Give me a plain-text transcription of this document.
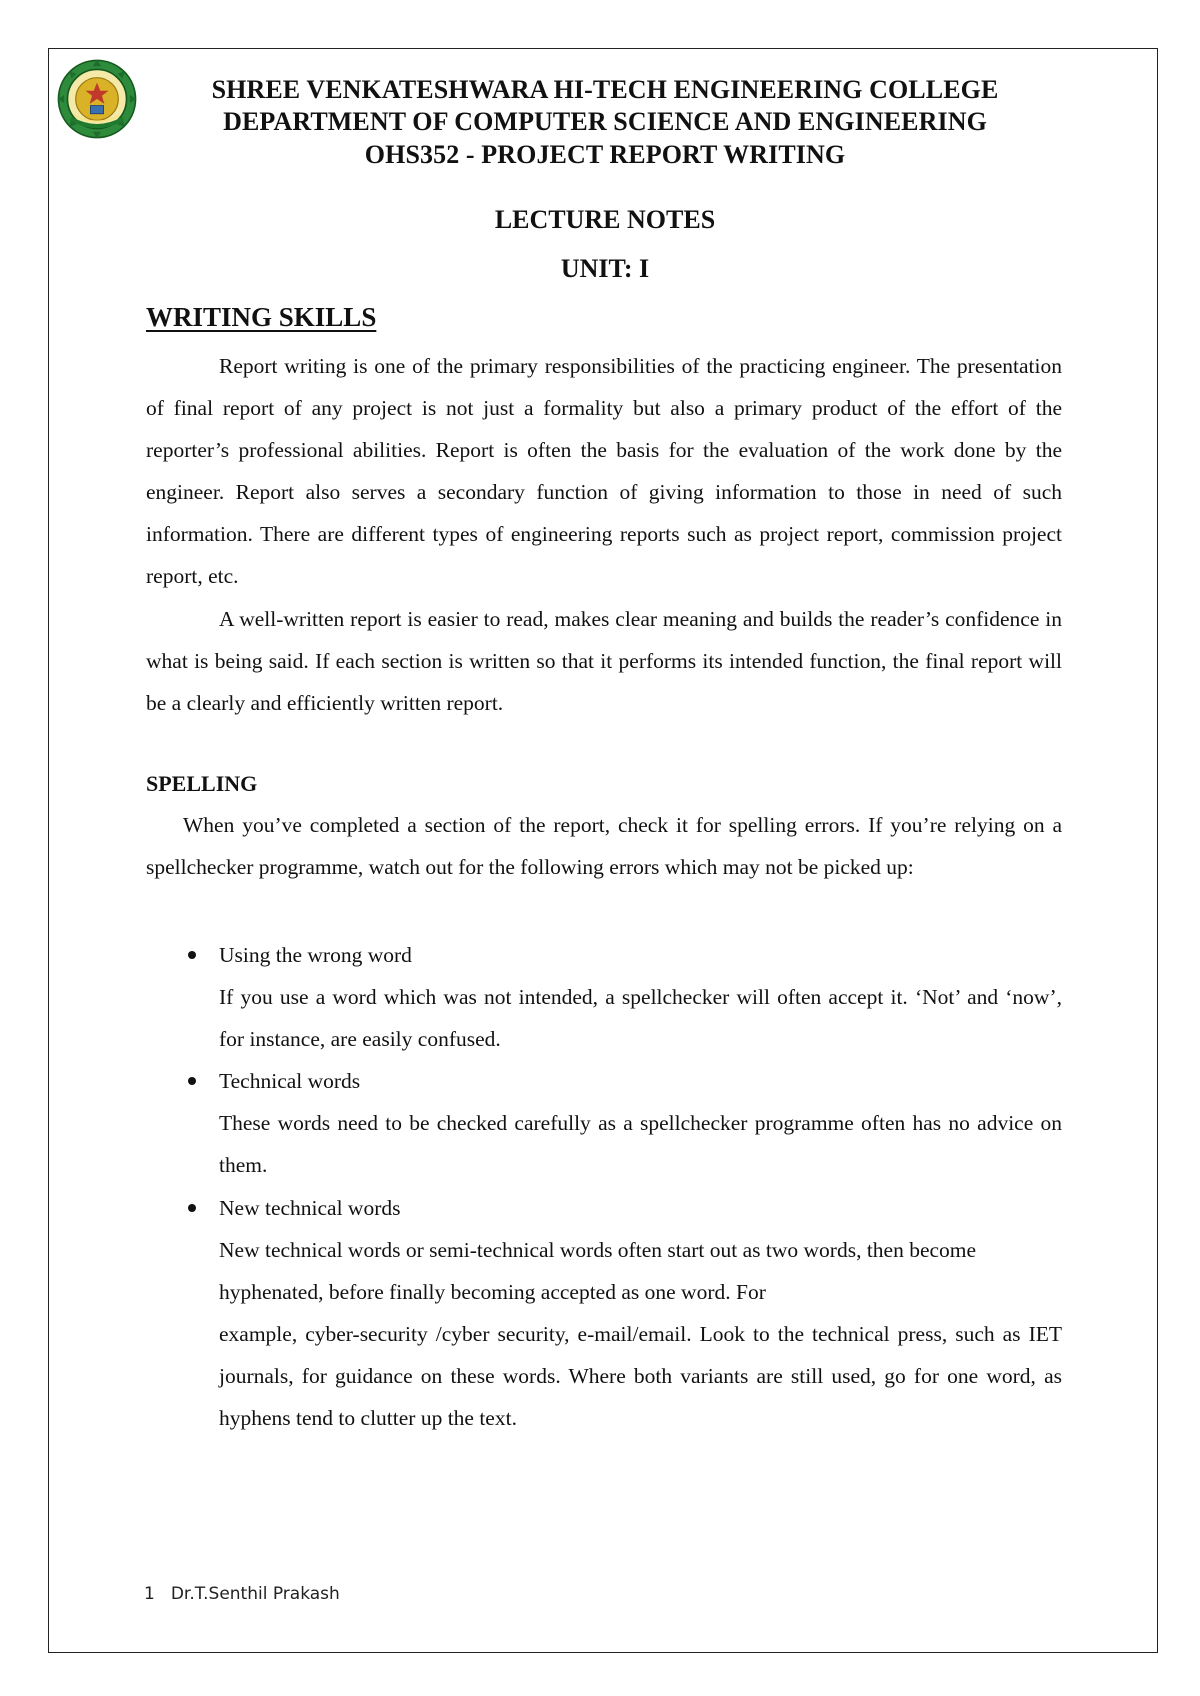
SHREE VENKATESHWARA HI-TECH ENGINEERING COLLEGE
DEPARTMENT OF COMPUTER SCIENCE AND ENGINEERING
OHS352 - PROJECT REPORT WRITING
LECTURE NOTES
UNIT: I
WRITING SKILLS

Report writing is one of the primary responsibilities of the practicing engineer. The presentation of final report of any project is not just a formality but also a primary product of the effort of the reporter’s professional abilities. Report is often the basis for the evaluation of the work done by the engineer. Report also serves a secondary function of giving information to those in need of such information. There are different types of engineering reports such as project report, commission project report, etc.

A well-written report is easier to read, makes clear meaning and builds the reader’s confidence in what is being said. If each section is written so that it performs its intended function, the final report will be a clearly and efficiently written report.

SPELLING

When you’ve completed a section of the report, check it for spelling errors. If you’re relying on a spellchecker programme, watch out for the following errors which may not be picked up:

Using the wrong word

If you use a word which was not intended, a spellchecker will often accept it. ‘Not’ and ‘now’, for instance, are easily confused.

Technical words

These words need to be checked carefully as a spellchecker programme often has no advice on them.

New technical words

New technical words or semi-technical words often start out as two words, then become hyphenated, before finally becoming accepted as one word. For

example, cyber-security /cyber security, e-mail/email. Look to the technical press, such as IET journals, for guidance on these words. Where both variants are still used, go for one word, as hyphens tend to clutter up the text.

1 Dr.T.Senthil Prakash
